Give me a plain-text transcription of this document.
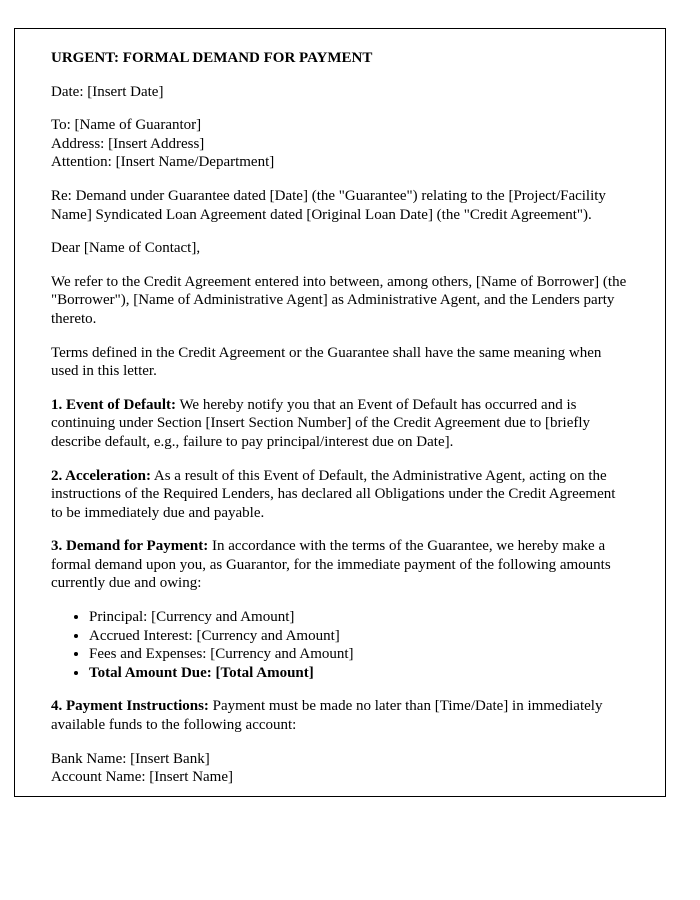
URGENT: FORMAL DEMAND FOR PAYMENT

Date: [Insert Date]

To: [Name of Guarantor]
Address: [Insert Address]
Attention: [Insert Name/Department]

Re: Demand under Guarantee dated [Date] (the "Guarantee") relating to the [Project/Facility Name] Syndicated Loan Agreement dated [Original Loan Date] (the "Credit Agreement").

Dear [Name of Contact],

We refer to the Credit Agreement entered into between, among others, [Name of Borrower] (the "Borrower"), [Name of Administrative Agent] as Administrative Agent, and the Lenders party thereto.

Terms defined in the Credit Agreement or the Guarantee shall have the same meaning when used in this letter.

1. Event of Default: We hereby notify you that an Event of Default has occurred and is continuing under Section [Insert Section Number] of the Credit Agreement due to [briefly describe default, e.g., failure to pay principal/interest due on Date].

2. Acceleration: As a result of this Event of Default, the Administrative Agent, acting on the instructions of the Required Lenders, has declared all Obligations under the Credit Agreement to be immediately due and payable.

3. Demand for Payment: In accordance with the terms of the Guarantee, we hereby make a formal demand upon you, as Guarantor, for the immediate payment of the following amounts currently due and owing:

• Principal: [Currency and Amount]
• Accrued Interest: [Currency and Amount]
• Fees and Expenses: [Currency and Amount]
• Total Amount Due: [Total Amount]

4. Payment Instructions: Payment must be made no later than [Time/Date] in immediately available funds to the following account:

Bank Name: [Insert Bank]
Account Name: [Insert Name]
